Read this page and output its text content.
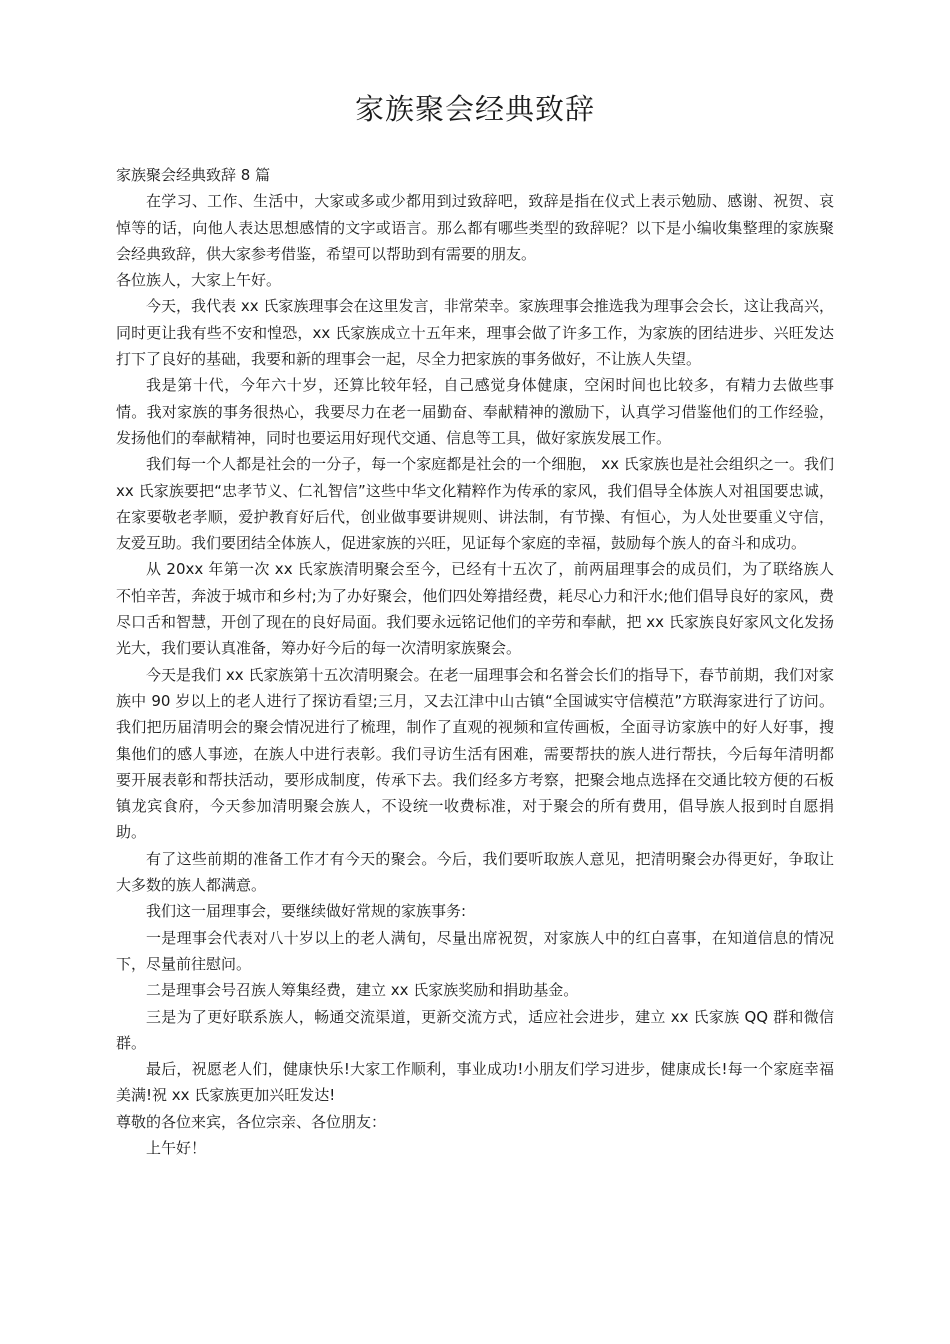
家族聚会经典致辞

家族聚会经典致辞 8 篇

在学习、工作、生活中，大家或多或少都用到过致辞吧，致辞是指在仪式上表示勉励、感谢、祝贺、哀悼等的话，向他人表达思想感情的文字或语言。那么都有哪些类型的致辞呢？以下是小编收集整理的家族聚会经典致辞，供大家参考借鉴，希望可以帮助到有需要的朋友。

各位族人，大家上午好。

今天，我代表 xx 氏家族理事会在这里发言，非常荣幸。家族理事会推选我为理事会会长，这让我高兴，同时更让我有些不安和惶恐，xx 氏家族成立十五年来，理事会做了许多工作，为家族的团结进步、兴旺发达打下了良好的基础，我要和新的理事会一起，尽全力把家族的事务做好，不让族人失望。

我是第十代，今年六十岁，还算比较年轻，自己感觉身体健康，空闲时间也比较多，有精力去做些事情。我对家族的事务很热心，我要尽力在老一届勤奋、奉献精神的激励下，认真学习借鉴他们的工作经验，发扬他们的奉献精神，同时也要运用好现代交通、信息等工具，做好家族发展工作。

我们每一个人都是社会的一分子，每一个家庭都是社会的一个细胞， xx 氏家族也是社会组织之一。我们 xx 氏家族要把“忠孝节义、仁礼智信”这些中华文化精粹作为传承的家风，我们倡导全体族人对祖国要忠诚，在家要敬老孝顺，爱护教育好后代，创业做事要讲规则、讲法制，有节操、有恒心，为人处世要重义守信，友爱互助。我们要团结全体族人，促进家族的兴旺，见证每个家庭的幸福，鼓励每个族人的奋斗和成功。

从 20xx 年第一次 xx 氏家族清明聚会至今，已经有十五次了，前两届理事会的成员们，为了联络族人不怕辛苦，奔波于城市和乡村;为了办好聚会，他们四处筹措经费，耗尽心力和汗水;他们倡导良好的家风，费尽口舌和智慧，开创了现在的良好局面。我们要永远铭记他们的辛劳和奉献，把 xx 氏家族良好家风文化发扬光大，我们要认真准备，筹办好今后的每一次清明家族聚会。

今天是我们 xx 氏家族第十五次清明聚会。在老一届理事会和名誉会长们的指导下，春节前期，我们对家族中 90 岁以上的老人进行了探访看望;三月，又去江津中山古镇“全国诚实守信模范”方联海家进行了访问。我们把历届清明会的聚会情况进行了梳理，制作了直观的视频和宣传画板，全面寻访家族中的好人好事，搜集他们的感人事迹，在族人中进行表彰。我们寻访生活有困难，需要帮扶的族人进行帮扶，今后每年清明都要开展表彰和帮扶活动，要形成制度，传承下去。我们经多方考察，把聚会地点选择在交通比较方便的石板镇龙宾食府，今天参加清明聚会族人，不设统一收费标准，对于聚会的所有费用，倡导族人报到时自愿捐助。

有了这些前期的准备工作才有今天的聚会。今后，我们要听取族人意见，把清明聚会办得更好，争取让大多数的族人都满意。

我们这一届理事会，要继续做好常规的家族事务:

一是理事会代表对八十岁以上的老人满旬，尽量出席祝贺，对家族人中的红白喜事，在知道信息的情况下，尽量前往慰问。

二是理事会号召族人筹集经费，建立 xx 氏家族奖励和捐助基金。

三是为了更好联系族人，畅通交流渠道，更新交流方式，适应社会进步，建立 xx 氏家族 QQ 群和微信群。

最后，祝愿老人们，健康快乐!大家工作顺利，事业成功!小朋友们学习进步，健康成长!每一个家庭幸福美满!祝 xx 氏家族更加兴旺发达!

尊敬的各位来宾，各位宗亲、各位朋友：

上午好！
